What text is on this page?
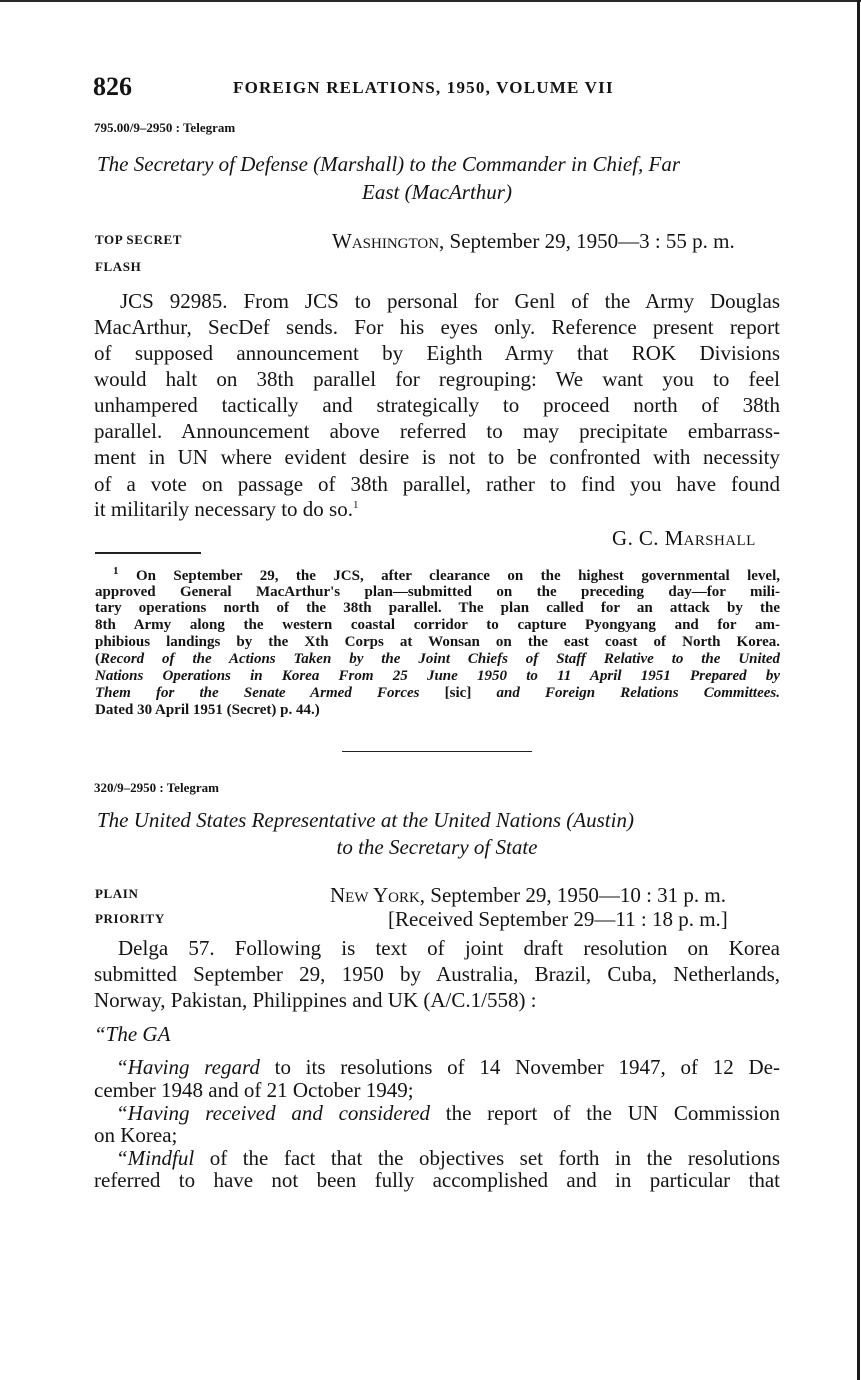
826	FOREIGN RELATIONS, 1950, VOLUME VII
795.00/9–2950 : Telegram
The Secretary of Defense (Marshall) to the Commander in Chief, Far
East (MacArthur)
TOP SECRET
FLASH
Washington, September 29, 1950—3 : 55 p. m.
JCS 92985. From JCS to personal for Genl of the Army Douglas
MacArthur, SecDef sends. For his eyes only. Reference present report
of supposed announcement by Eighth Army that ROK Divisions
would halt on 38th parallel for regrouping: We want you to feel
unhampered tactically and strategically to proceed north of 38th
parallel. Announcement above referred to may precipitate embarrass-
ment in UN where evident desire is not to be confronted with necessity
of a vote on passage of 38th parallel, rather to find you have found
it militarily necessary to do so.$^1$
G. C. Marshall
$^1$ On September 29, the JCS, after clearance on the highest governmental level,
approved General MacArthur's plan—submitted on the preceding day—for mili-
tary operations north of the 38th parallel. The plan called for an attack by the
8th Army along the western coastal corridor to capture Pyongyang and for am-
phibious landings by the Xth Corps at Wonsan on the east coast of North Korea.
(Record of the Actions Taken by the Joint Chiefs of Staff Relative to the United
Nations Operations in Korea From 25 June 1950 to 11 April 1951 Prepared by
Them for the Senate Armed Forces [sic] and Foreign Relations Committees.
Dated 30 April 1951 (Secret) p. 44.)
320/9–2950 : Telegram
The United States Representative at the United Nations (Austin)
to the Secretary of State
PLAIN
PRIORITY
New York, September 29, 1950—10 : 31 p. m.
[Received September 29—11 : 18 p. m.]
Delga 57. Following is text of joint draft resolution on Korea
submitted September 29, 1950 by Australia, Brazil, Cuba, Netherlands,
Norway, Pakistan, Philippines and UK (A/C.1/558) :
“The GA
“Having regard to its resolutions of 14 November 1947, of 12 De-
cember 1948 and of 21 October 1949;
“Having received and considered the report of the UN Commission
on Korea;
“Mindful of the fact that the objectives set forth in the resolutions
referred to have not been fully accomplished and in particular that
